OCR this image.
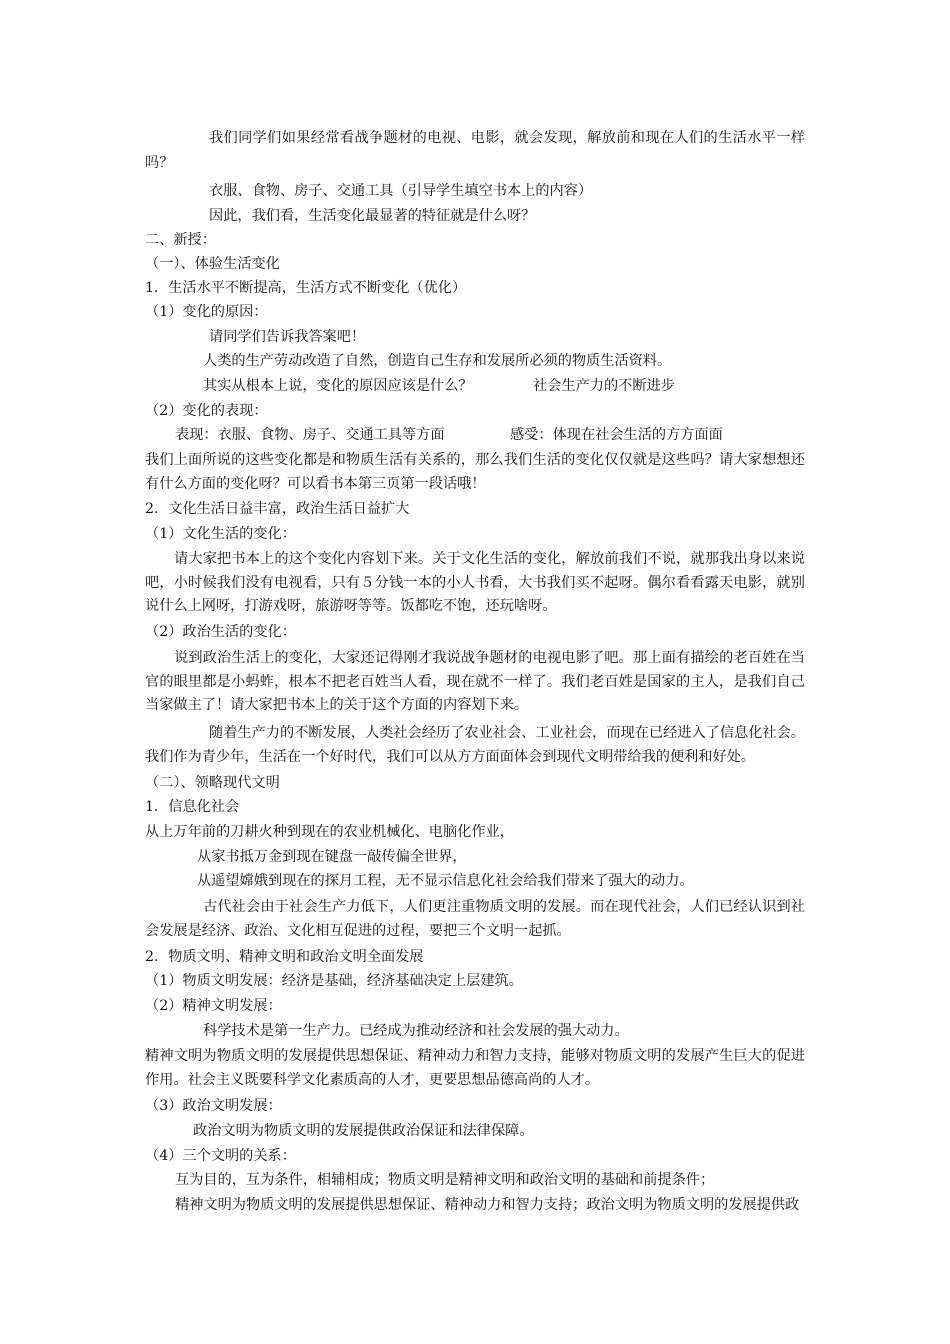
我们同学们如果经常看战争题材的电视、电影，就会发现，解放前和现在人们的生活水平一样吗？

衣服、食物、房子、交通工具（引导学生填空书本上的内容）
因此，我们看，生活变化最显著的特征就是什么呀？
二、新授：
（一）、体验生活变化
1．生活水平不断提高，生活方式不断变化（优化）
（1）变化的原因：
请同学们告诉我答案吧！
人类的生产劳动改造了自然，创造自己生存和发展所必须的物质生活资料。
其实从根本上说，变化的原因应该是什么？	社会生产力的不断进步
（2）变化的表现：
表现：衣服、食物、房子、交通工具等方面	感受：体现在社会生活的方方面面

我们上面所说的这些变化都是和物质生活有关系的，那么我们生活的变化仅仅就是这些吗？请大家想想还有什么方面的变化呀？可以看书本第三页第一段话哦！

2．文化生活日益丰富，政治生活日益扩大
（1）文化生活的变化：

请大家把书本上的这个变化内容划下来。关于文化生活的变化，解放前我们不说，就那我出身以来说吧，小时候我们没有电视看，只有５分钱一本的小人书看，大书我们买不起呀。偶尔看看露天电影，就别说什么上网呀，打游戏呀，旅游呀等等。饭都吃不饱，还玩啥呀。

（2）政治生活的变化：

说到政治生活上的变化，大家还记得刚才我说战争题材的电视电影了吧。那上面有描绘的老百姓在当官的眼里都是小蚂蚱，根本不把老百姓当人看，现在就不一样了。我们老百姓是国家的主人，是我们自己当家做主了！请大家把书本上的关于这个方面的内容划下来。

随着生产力的不断发展，人类社会经历了农业社会、工业社会，而现在已经进入了信息化社会。我们作为青少年，生活在一个好时代，我们可以从方方面面体会到现代文明带给我的便利和好处。

（二）、领略现代文明
1．信息化社会
从上万年前的刀耕火种到现在的农业机械化、电脑化作业，
从家书抵万金到现在键盘一敲传偏全世界，
从遥望嫦娥到现在的探月工程，无不显示信息化社会给我们带来了强大的动力。

古代社会由于社会生产力低下，人们更注重物质文明的发展。而在现代社会，人们已经认识到社会发展是经济、政治、文化相互促进的过程，要把三个文明一起抓。

2．物质文明、精神文明和政治文明全面发展
（1）物质文明发展：经济是基础，经济基础决定上层建筑。
（2）精神文明发展：
科学技术是第一生产力。已经成为推动经济和社会发展的强大动力。

精神文明为物质文明的发展提供思想保证、精神动力和智力支持，能够对物质文明的发展产生巨大的促进作用。社会主义既要科学文化素质高的人才，更要思想品德高尚的人才。

（3）政治文明发展：
政治文明为物质文明的发展提供政治保证和法律保障。
（4）三个文明的关系：
互为目的，互为条件，相辅相成；物质文明是精神文明和政治文明的基础和前提条件；
精神文明为物质文明的发展提供思想保证、精神动力和智力支持；政治文明为物质文明的发展提供政
